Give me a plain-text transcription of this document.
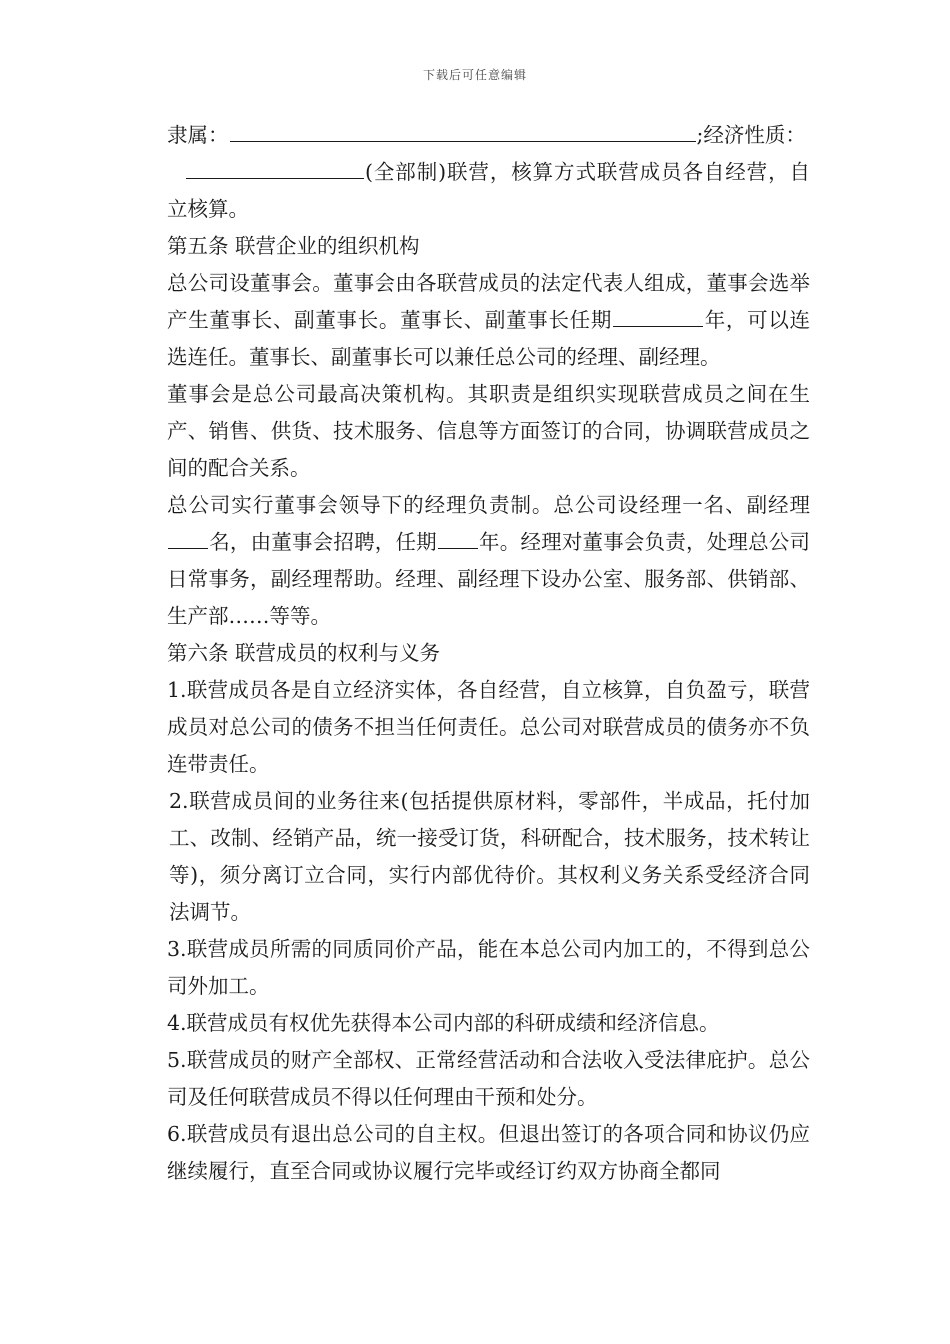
下载后可任意编辑

隶属：	;经济性质：
(全部制)联营，核算方式联营成员各自经营，自立核算。

第五条 联营企业的组织机构

总公司设董事会。董事会由各联营成员的法定代表人组成，董事会选举产生董事长、副董事长。董事长、副董事长任期	年，可以连选连任。董事长、副董事长可以兼任总公司的经理、副经理。

董事会是总公司最高决策机构。其职责是组织实现联营成员之间在生产、销售、供货、技术服务、信息等方面签订的合同，协调联营成员之间的配合关系。

总公司实行董事会领导下的经理负责制。总公司设经理一名、副经理名，由董事会招聘，任期 年。经理对董事会负责，处理总公司日常事务，副经理帮助。经理、副经理下设办公室、服务部、供销部、生产部……等等。

第六条 联营成员的权利与义务

1.联营成员各是自立经济实体，各自经营，自立核算，自负盈亏，联营成员对总公司的债务不担当任何责任。总公司对联营成员的债务亦不负连带责任。

2.联营成员间的业务往来(包括提供原材料，零部件，半成品，托付加工、改制、经销产品，统一接受订货，科研配合，技术服务，技术转让等)，须分离订立合同，实行内部优待价。其权利义务关系受经济合同法调节。

3.联营成员所需的同质同价产品，能在本总公司内加工的，不得到总公司外加工。

4.联营成员有权优先获得本公司内部的科研成绩和经济信息。

5.联营成员的财产全部权、正常经营活动和合法收入受法律庇护。总公司及任何联营成员不得以任何理由干预和处分。

6.联营成员有退出总公司的自主权。但退出签订的各项合同和协议仍应继续履行，直至合同或协议履行完毕或经订约双方协商全都同
